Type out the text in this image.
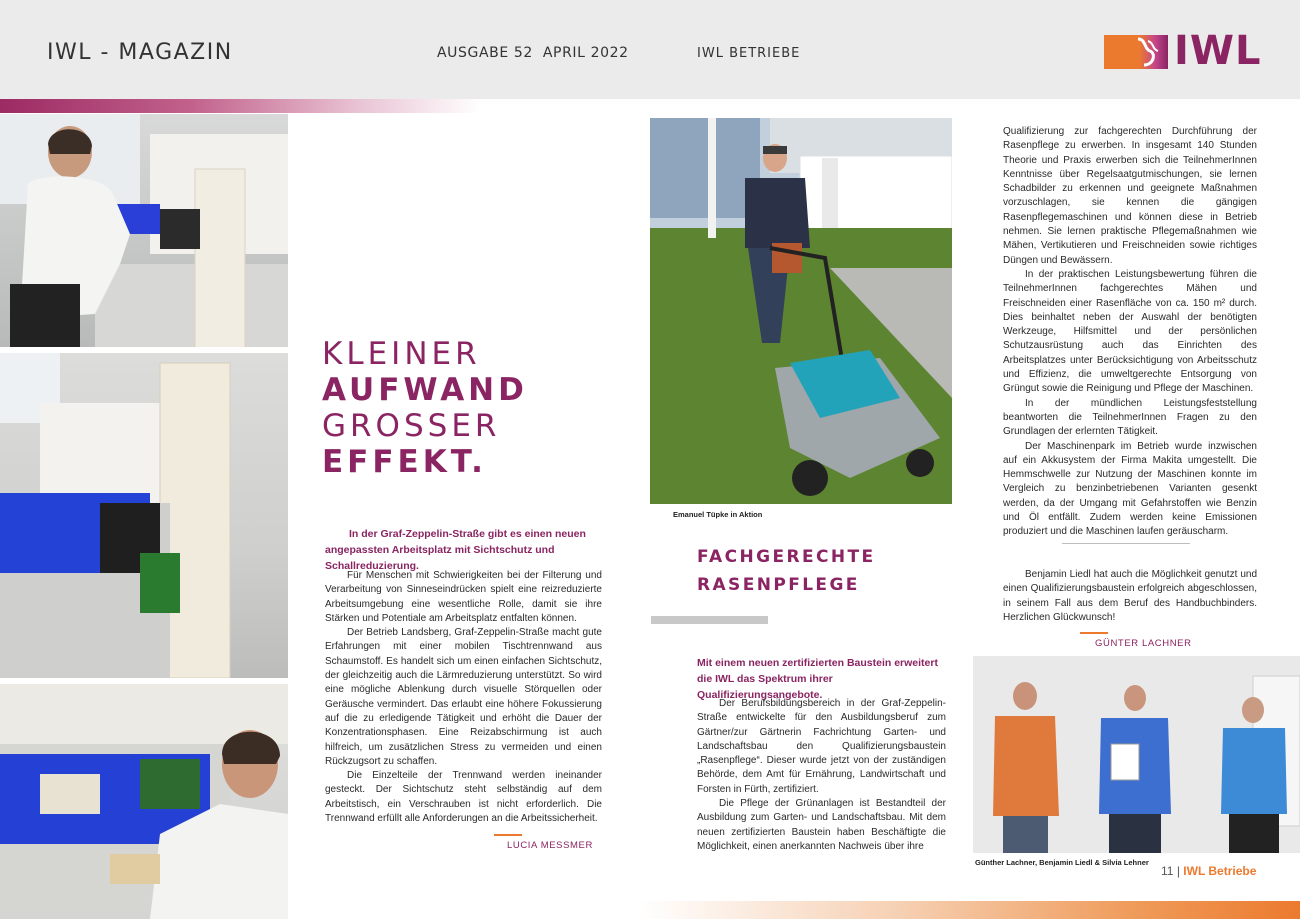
IWL - MAGAZIN	AUSGABE 52 APRIL 2022	IWL BETRIEBE	IWL
KLEINER
AUFWAND
GROSSER
EFFEKT.
In der Graf-Zeppelin-Straße gibt es einen neuen angepassten Arbeitsplatz mit Sichtschutz und Schallreduzierung.

Für Menschen mit Schwierigkeiten bei der Filterung und Verarbeitung von Sinneseindrücken spielt eine reizreduzierte Arbeitsumgebung eine wesentliche Rolle, damit sie ihre Stärken und Potentiale am Arbeitsplatz entfalten können.

Der Betrieb Landsberg, Graf-Zeppelin-Straße macht gute Erfahrungen mit einer mobilen Tischtrennwand aus Schaumstoff. Es handelt sich um einen einfachen Sichtschutz, der gleichzeitig auch die Lärmreduzierung unterstützt. So wird eine mögliche Ablenkung durch visuelle Störquellen oder Geräusche vermindert. Das erlaubt eine höhere Fokussierung auf die zu erledigende Tätigkeit und erhöht die Dauer der Konzentrationsphasen. Eine Reizabschirmung ist auch hilfreich, um zusätzlichen Stress zu vermeiden und einen Rückzugsort zu schaffen.

Die Einzelteile der Trennwand werden ineinander gesteckt. Der Sichtschutz steht selbständig auf dem Arbeitstisch, ein Verschrauben ist nicht erforderlich. Die Trennwand erfüllt alle Anforderungen an die Arbeitssicherheit.

LUCIA MESSMER
Emanuel Tüpke in Aktion
FACHGERECHTE
RASENPFLEGE
Mit einem neuen zertifizierten Baustein erweitert die IWL das Spektrum ihrer Qualifizierungsangebote.

Der Berufsbildungsbereich in der Graf-Zeppelin-Straße entwickelte für den Ausbildungsberuf zum Gärtner/zur Gärtnerin Fachrichtung Garten- und Landschaftsbau den Qualifizierungsbaustein „Rasenpflege“. Dieser wurde jetzt von der zuständigen Behörde, dem Amt für Ernährung, Landwirtschaft und Forsten in Fürth, zertifiziert.

Die Pflege der Grünanlagen ist Bestandteil der Ausbildung zum Garten- und Landschaftsbau. Mit dem neuen zertifizierten Baustein haben Beschäftigte die Möglichkeit, einen anerkannten Nachweis über ihre

Qualifizierung zur fachgerechten Durchführung der Rasenpflege zu erwerben. In insgesamt 140 Stunden Theorie und Praxis erwerben sich die TeilnehmerInnen Kenntnisse über Regelsaatgutmischungen, sie lernen Schadbilder zu erkennen und geeignete Maßnahmen vorzuschlagen, sie kennen die gängigen Rasenpflegemaschinen und können diese in Betrieb nehmen. Sie lernen praktische Pflegemaßnahmen wie Mähen, Vertikutieren und Freischneiden sowie richtiges Düngen und Bewässern.

In der praktischen Leistungsbewertung führen die TeilnehmerInnen fachgerechtes Mähen und Freischneiden einer Rasenfläche von ca. 150 m² durch. Dies beinhaltet neben der Auswahl der benötigten Werkzeuge, Hilfsmittel und der persönlichen Schutzausrüstung auch das Einrichten des Arbeitsplatzes unter Berücksichtigung von Arbeitsschutz und Effizienz, die umweltgerechte Entsorgung von Grüngut sowie die Reinigung und Pflege der Maschinen.

In der mündlichen Leistungsfeststellung beantworten die TeilnehmerInnen Fragen zu den Grundlagen der erlernten Tätigkeit.

Der Maschinenpark im Betrieb wurde inzwischen auf ein Akkusystem der Firma Makita umgestellt. Die Hemmschwelle zur Nutzung der Maschinen konnte im Vergleich zu benzinbetriebenen Varianten gesenkt werden, da der Umgang mit Gefahrstoffen wie Benzin und Öl entfällt. Zudem werden keine Emissionen produziert und die Maschinen laufen geräuscharm.

Benjamin Liedl hat auch die Möglichkeit genutzt und einen Qualifizierungsbaustein erfolgreich abgeschlossen, in seinem Fall aus dem Beruf des Handbuchbinders. Herzlichen Glückwunsch!

GÜNTER LACHNER
Günther Lachner, Benjamin Liedl & Silvia Lehner
11 | IWL Betriebe
